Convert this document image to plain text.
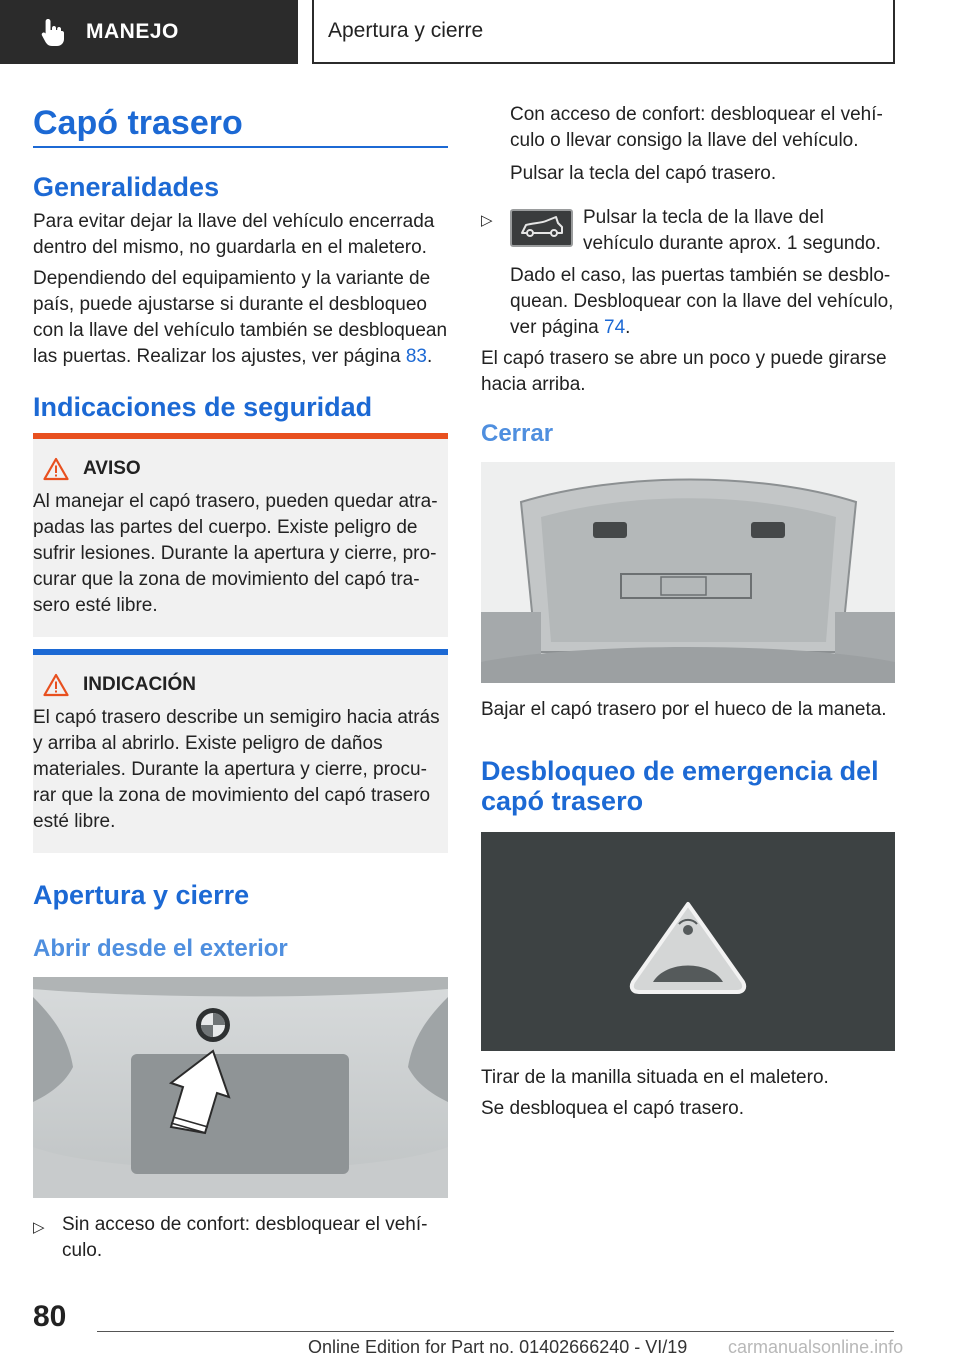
MANEJO	Apertura y cierre
Capó trasero
Generalidades

Para evitar dejar la llave del vehículo encerrada dentro del mismo, no guardarla en el maletero.

Dependiendo del equipamiento y la variante de país, puede ajustarse si durante el desbloqueo con la llave del vehículo también se desbloquean las puertas. Realizar los ajustes, ver página 83.

Indicaciones de seguridad
AVISO
Al manejar el capó trasero, pueden quedar atrapadas las partes del cuerpo. Existe peligro de sufrir lesiones. Durante la apertura y cierre, procurar que la zona de movimiento del capó trasero esté libre.
INDICACIÓN
El capó trasero describe un semigiro hacia atrás y arriba al abrirlo. Existe peligro de daños materiales. Durante la apertura y cierre, procurar que la zona de movimiento del capó trasero esté libre.
Apertura y cierre
Abrir desde el exterior
▷ Sin acceso de confort: desbloquear el vehículo.

Con acceso de confort: desbloquear el vehículo o llevar consigo la llave del vehículo.

Pulsar la tecla del capó trasero.

▷	Pulsar la tecla de la llave del vehículo durante aprox. 1 segundo.

Dado el caso, las puertas también se desbloquean. Desbloquear con la llave del vehículo, ver página 74.

El capó trasero se abre un poco y puede girarse hacia arriba.

Cerrar

Bajar el capó trasero por el hueco de la maneta.

Desbloqueo de emergencia del capó trasero

Tirar de la manilla situada en el maletero.

Se desbloquea el capó trasero.

80
Online Edition for Part no. 01402666240 - VI/19 carmanualsonline.info
